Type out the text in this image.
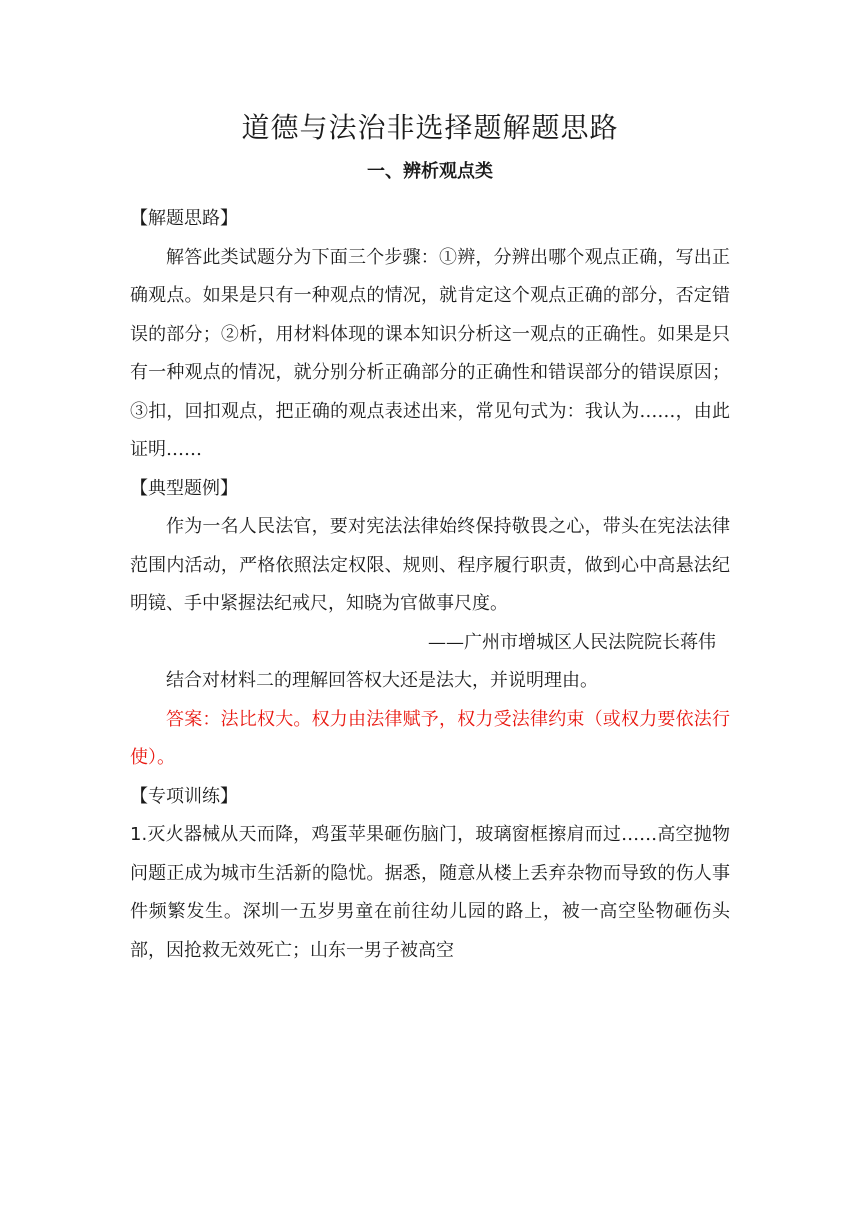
道德与法治非选择题解题思路
一、辨析观点类

【解题思路】

解答此类试题分为下面三个步骤：①辨，分辨出哪个观点正确，写出正确观点。如果是只有一种观点的情况，就肯定这个观点正确的部分，否定错误的部分；②析，用材料体现的课本知识分析这一观点的正确性。如果是只有一种观点的情况，就分别分析正确部分的正确性和错误部分的错误原因；③扣，回扣观点，把正确的观点表述出来，常见句式为：我认为……，由此证明……

【典型题例】

作为一名人民法官，要对宪法法律始终保持敬畏之心，带头在宪法法律范围内活动，严格依照法定权限、规则、程序履行职责，做到心中高悬法纪明镜、手中紧握法纪戒尺，知晓为官做事尺度。

——广州市增城区人民法院院长蒋伟

结合对材料二的理解回答权大还是法大，并说明理由。

答案：法比权大。权力由法律赋予，权力受法律约束（或权力要依法行使）。

【专项训练】

1.灭火器械从天而降，鸡蛋苹果砸伤脑门，玻璃窗框擦肩而过……高空抛物问题正成为城市生活新的隐忧。据悉，随意从楼上丢弃杂物而导致的伤人事件频繁发生。深圳一五岁男童在前往幼儿园的路上，被一高空坠物砸伤头部，因抢救无效死亡；山东一男子被高空
